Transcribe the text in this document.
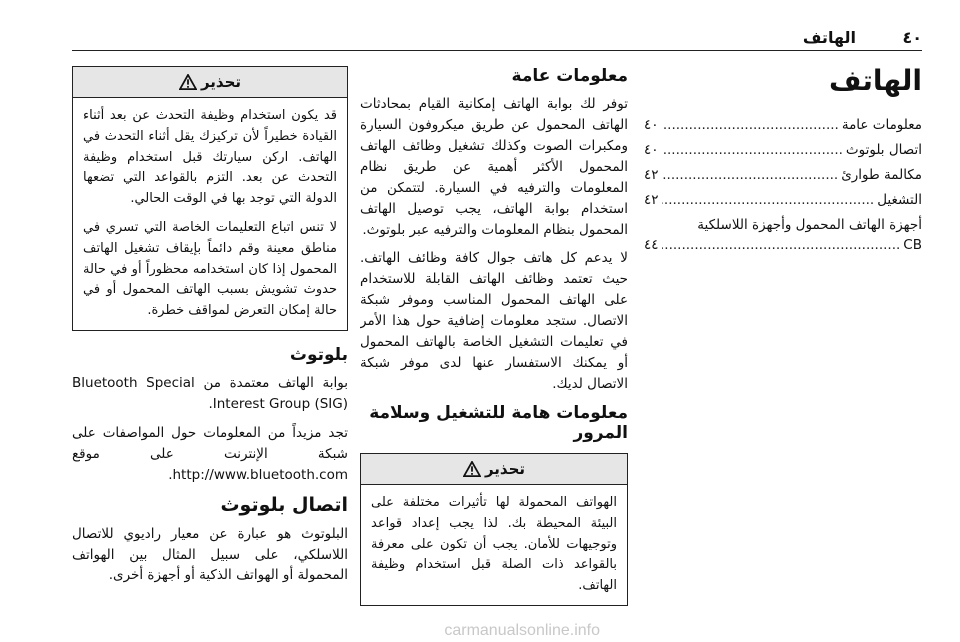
٤٠
الهاتف
الهاتف
معلومات عامة
.....
٤٠
اتصال بلوتوث
.....
٤٠
مكالمة طوارئ
.....
٤٢
التشغيل
.....
٤٢
أجهزة الهاتف المحمول وأجهزة اللاسلكية
CB
.....
٤٤
معلومات عامة

توفر لك بوابة الهاتف إمكانية القيام بمحادثات الهاتف المحمول عن طريق ميكروفون السيارة ومكبرات الصوت وكذلك تشغيل وظائف الهاتف المحمول الأكثر أهمية عن طريق نظام المعلومات والترفيه في السيارة. لتتمكن من استخدام بوابة الهاتف، يجب توصيل الهاتف المحمول بنظام المعلومات والترفيه عبر بلوتوث.

لا يدعم كل هاتف جوال كافة وظائف الهاتف. حيث تعتمد وظائف الهاتف القابلة للاستخدام على الهاتف المحمول المناسب وموفر شبكة الاتصال. ستجد معلومات إضافية حول هذا الأمر في تعليمات التشغيل الخاصة بالهاتف المحمول أو يمكنك الاستفسار عنها لدى موفر شبكة الاتصال لديك.

معلومات هامة للتشغيل وسلامة المرور
تحذير

الهواتف المحمولة لها تأثيرات مختلفة على البيئة المحيطة بك. لذا يجب إعداد قواعد وتوجيهات للأمان. يجب أن تكون على معرفة بالقواعد ذات الصلة قبل استخدام وظيفة الهاتف.

تحذير

قد يكون استخدام وظيفة التحدث عن بعد أثناء القيادة خطيراً لأن تركيزك يقل أثناء التحدث في الهاتف. اركن سيارتك قبل استخدام وظيفة التحدث عن بعد. التزم بالقواعد التي تضعها الدولة التي توجد بها في الوقت الحالي.

لا تنس اتباع التعليمات الخاصة التي تسري في مناطق معينة وقم دائماً بإيقاف تشغيل الهاتف المحمول إذا كان استخدامه محظوراً أو في حالة حدوث تشويش بسبب الهاتف المحمول أو في حالة إمكان التعرض لمواقف خطرة.

بلوتوث

بوابة الهاتف معتمدة من Bluetooth Special Interest Group (SIG).

تجد مزيداً من المعلومات حول المواصفات على شبكة الإنترنت على موقع http://www.bluetooth.com.

اتصال بلوتوث

البلوتوث هو عبارة عن معيار راديوي للاتصال اللاسلكي، على سبيل المثال بين الهواتف المحمولة أو الهواتف الذكية أو أجهزة أخرى.

carmanualsonline.info
